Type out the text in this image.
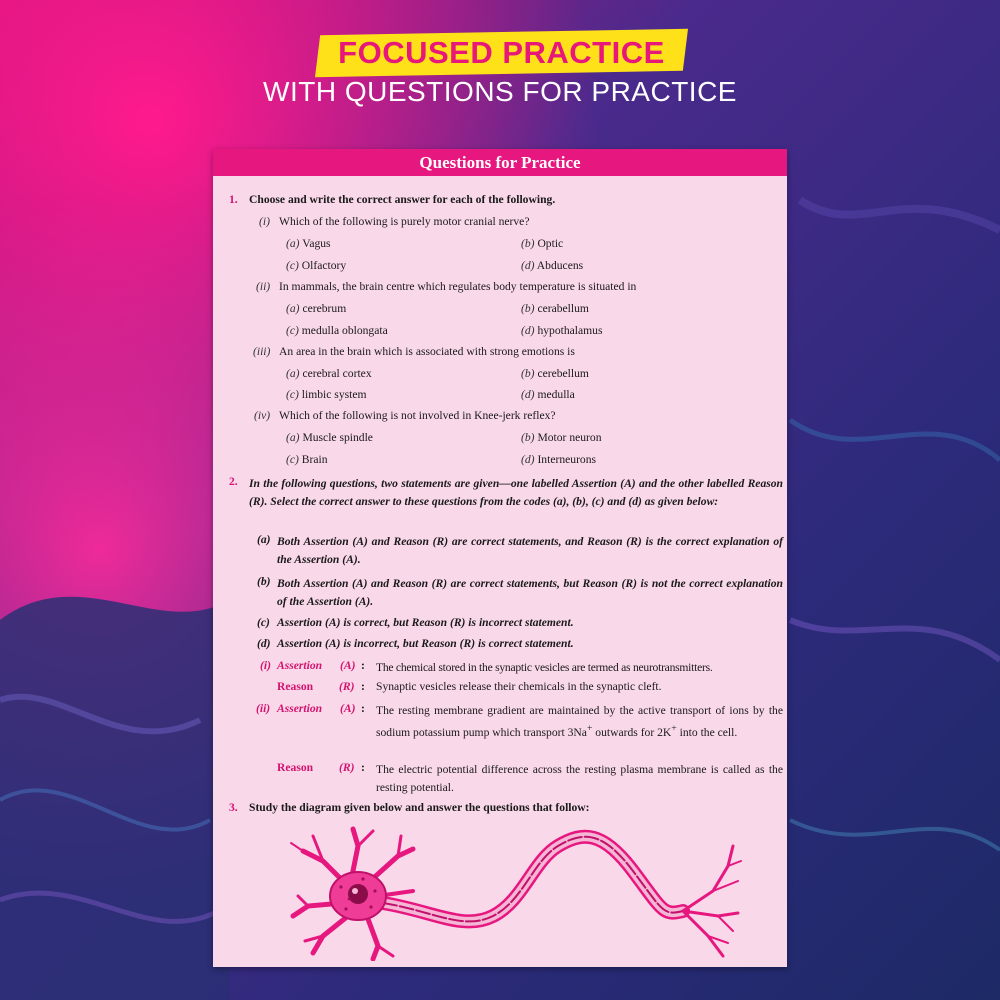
FOCUSED PRACTICE
WITH QUESTIONS FOR PRACTICE
Questions for Practice
1. Choose and write the correct answer for each of the following.
(i) Which of the following is purely motor cranial nerve?
(a) Vagus	(b) Optic
(c) Olfactory	(d) Abducens
(ii) In mammals, the brain centre which regulates body temperature is situated in
(a) cerebrum	(b) cerabellum
(c) medulla oblongata	(d) hypothalamus
(iii) An area in the brain which is associated with strong emotions is
(a) cerebral cortex	(b) cerebellum
(c) limbic system	(d) medulla
(iv) Which of the following is not involved in Knee-jerk reflex?
(a) Muscle spindle	(b) Motor neuron
(c) Brain	(d) Interneurons
2. In the following questions, two statements are given—one labelled Assertion (A) and the other labelled Reason (R). Select the correct answer to these questions from the codes (a), (b), (c) and (d) as given below:
(a) Both Assertion (A) and Reason (R) are correct statements, and Reason (R) is the correct explanation of the Assertion (A).
(b) Both Assertion (A) and Reason (R) are correct statements, but Reason (R) is not the correct explanation of the Assertion (A).
(c) Assertion (A) is correct, but Reason (R) is incorrect statement.
(d) Assertion (A) is incorrect, but Reason (R) is correct statement.
(i) Assertion (A) : The chemical stored in the synaptic vesicles are termed as neurotransmitters.
Reason (R) : Synaptic vesicles release their chemicals in the synaptic cleft.
(ii) Assertion (A) : The resting membrane gradient are maintained by the active transport of ions by the sodium potassium pump which transport 3Na+ outwards for 2K+ into the cell.
Reason (R) : The electric potential difference across the resting plasma membrane is called as the resting potential.
3. Study the diagram given below and answer the questions that follow:
